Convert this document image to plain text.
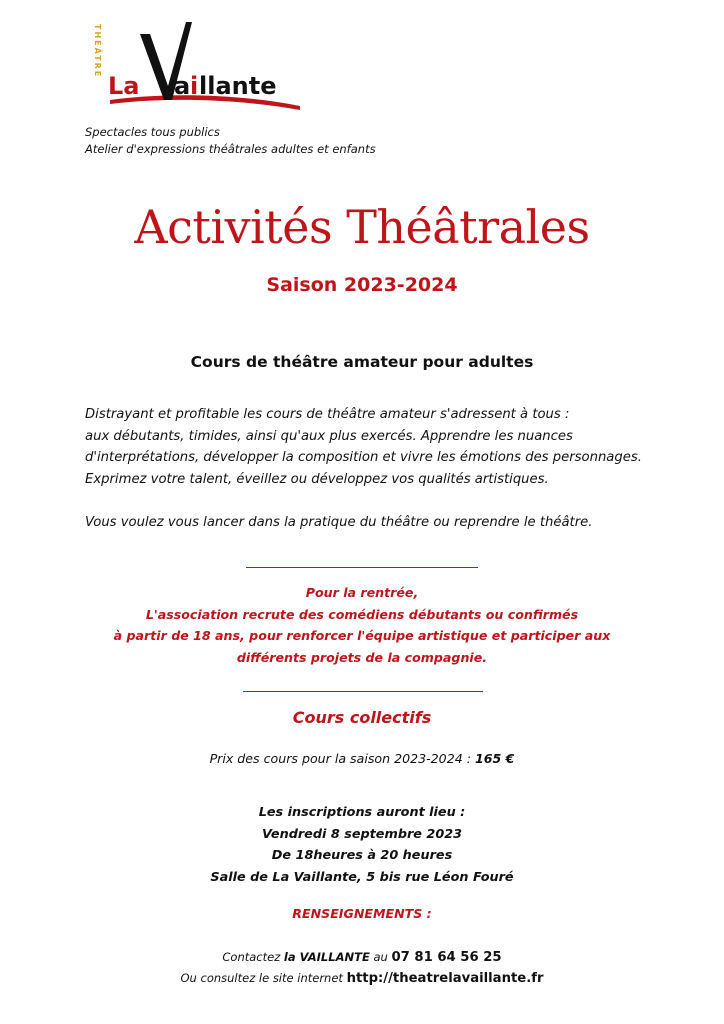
THÉÂTRE
La a i llante
Spectacles tous publics
Atelier d'expressions théâtrales adultes et enfants
Activités Théâtrales
Saison 2023-2024
Cours de théâtre amateur pour adultes
Distrayant et profitable les cours de théâtre amateur s'adressent à tous :
aux débutants, timides, ainsi qu'aux plus exercés. Apprendre les nuances
d'interprétations, développer la composition et vivre les émotions des personnages.
Exprimez votre talent, éveillez ou développez vos qualités artistiques.
Vous voulez vous lancer dans la pratique du théâtre ou reprendre le théâtre.
Pour la rentrée,
L'association recrute des comédiens débutants ou confirmés
à partir de 18 ans, pour renforcer l'équipe artistique et participer aux
différents projets de la compagnie.
Cours collectifs
Prix des cours pour la saison 2023-2024 : 165 €
Les inscriptions auront lieu :
Vendredi 8 septembre 2023
De 18heures à 20 heures
Salle de La Vaillante, 5 bis rue Léon Fouré
RENSEIGNEMENTS :
Contactez la VAILLANTE au 07 81 64 56 25
Ou consultez le site internet http://theatrelavaillante.fr
